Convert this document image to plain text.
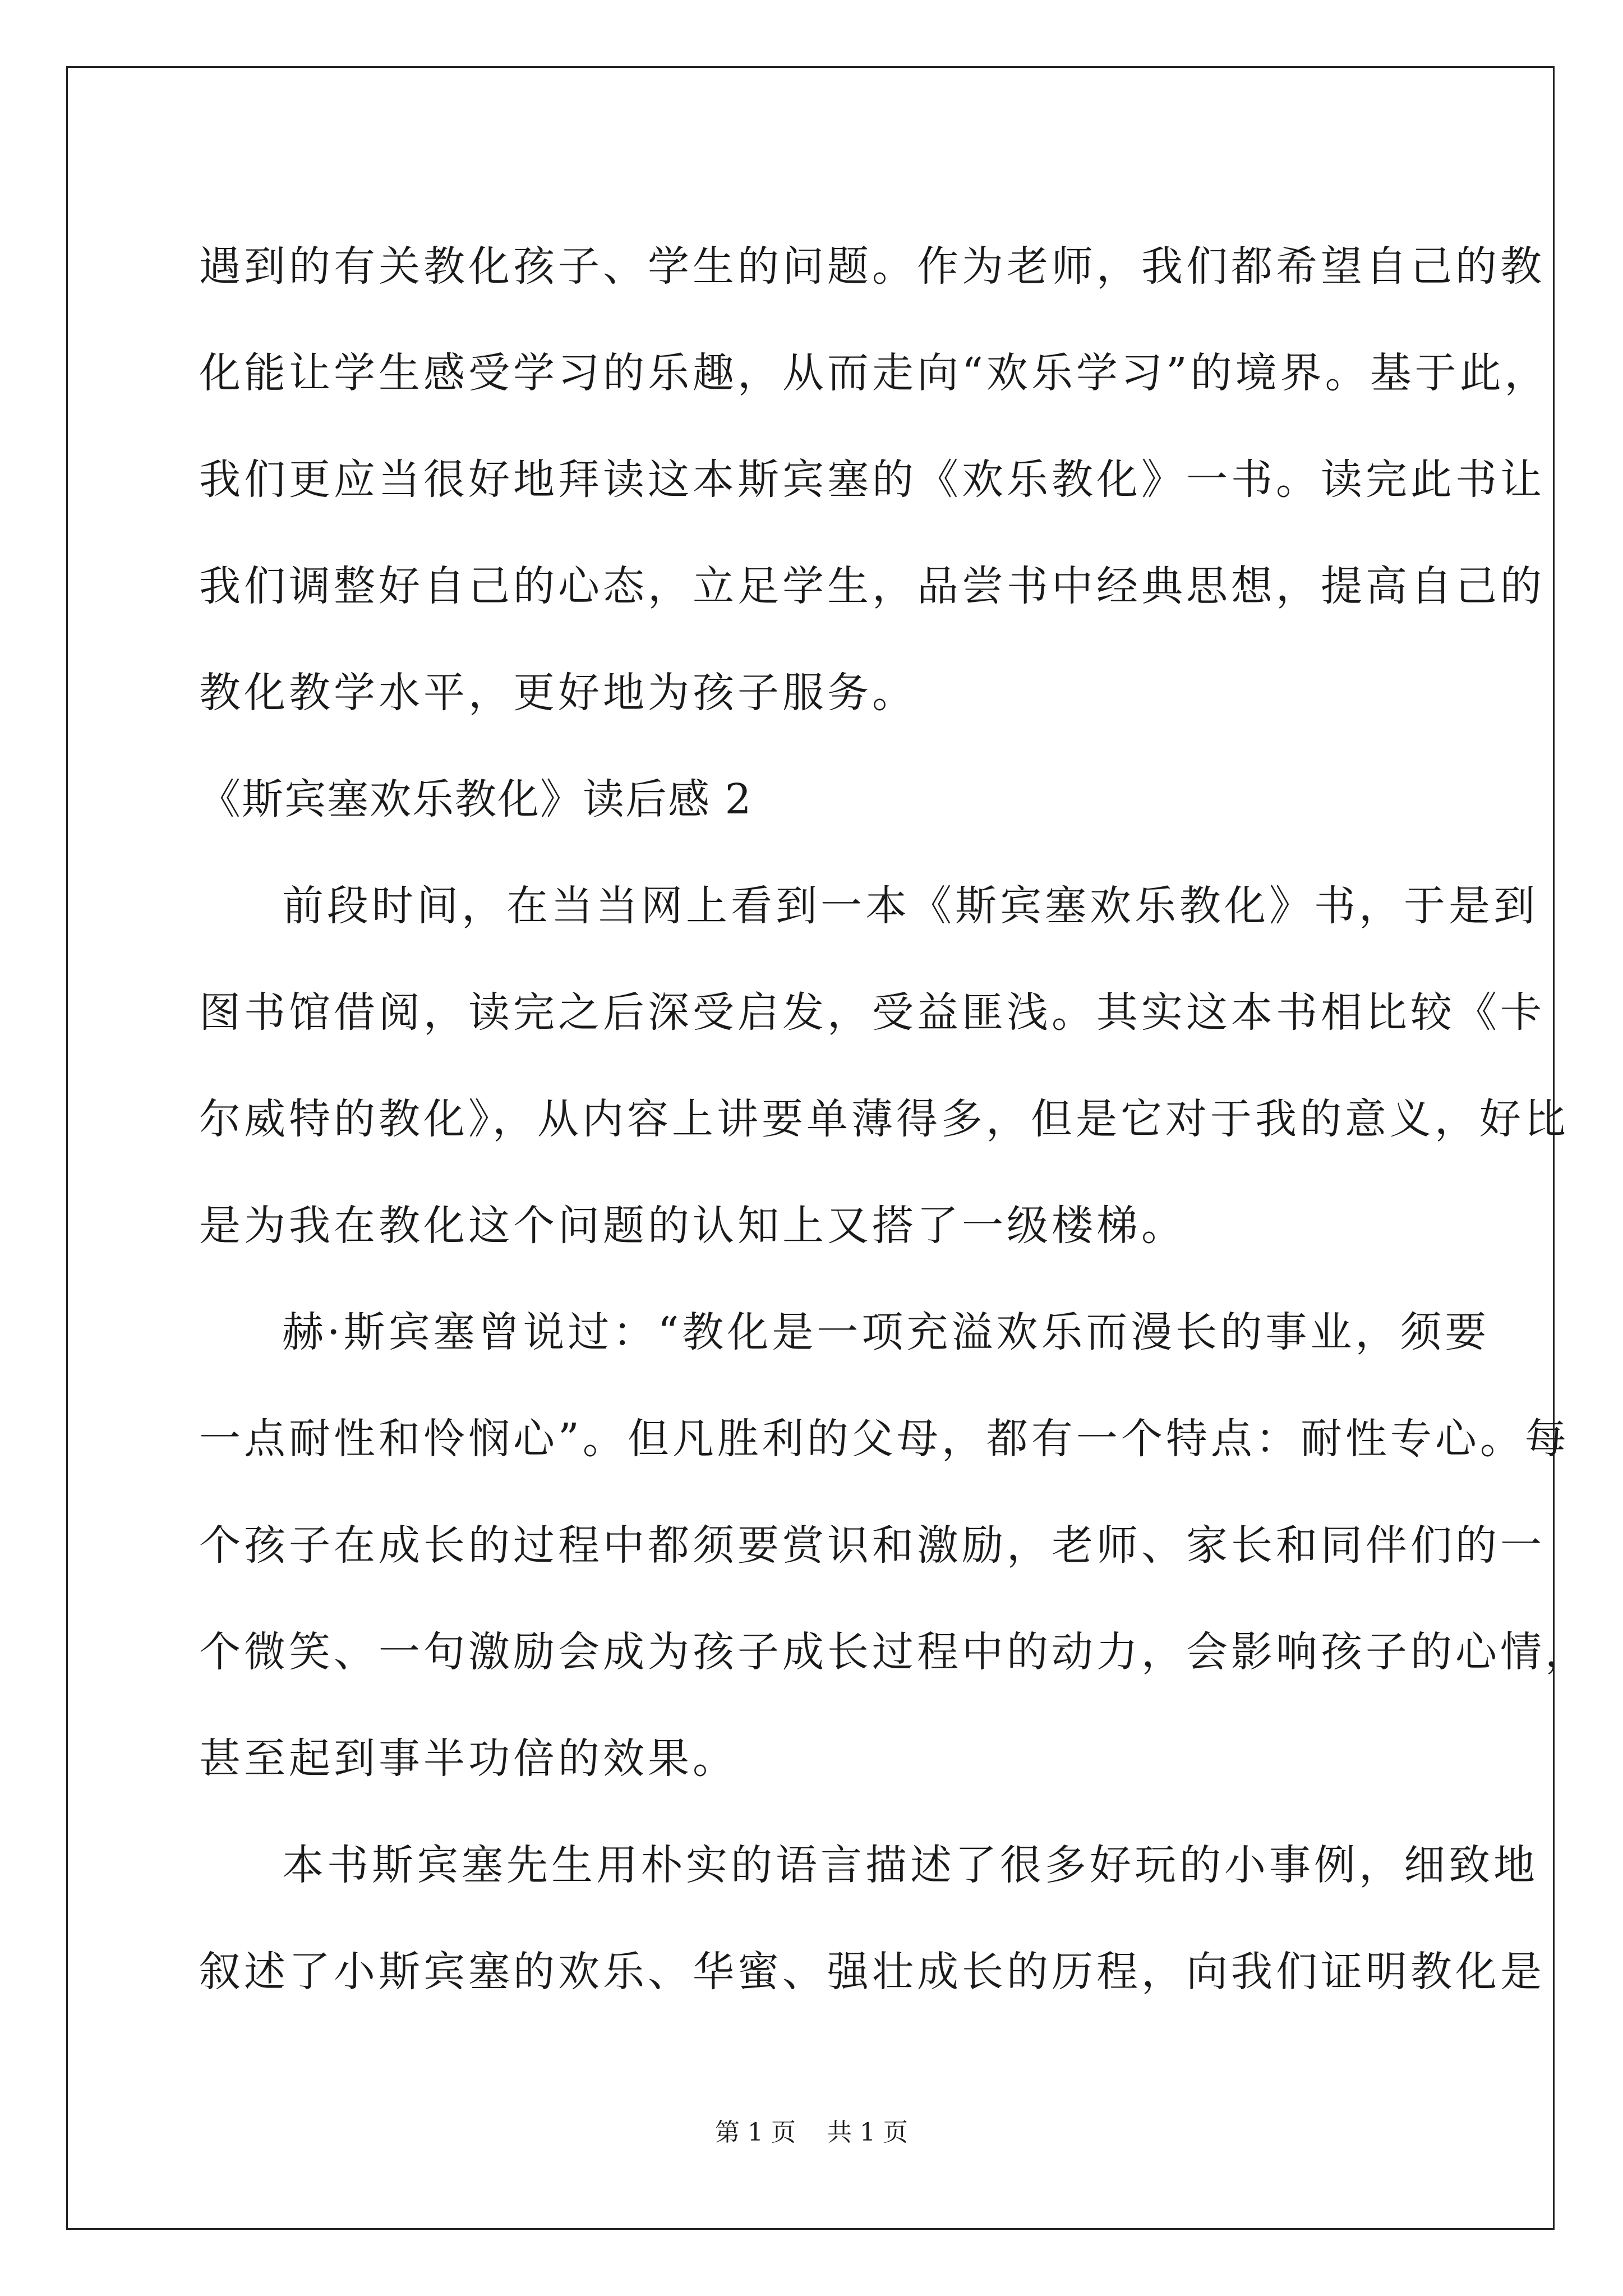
遇到的有关教化孩子、学生的问题。作为老师，我们都希望自己的教
化能让学生感受学习的乐趣，从而走向“欢乐学习”的境界。基于此，
我们更应当很好地拜读这本斯宾塞的《欢乐教化》一书。读完此书让
我们调整好自己的心态，立足学生，品尝书中经典思想，提高自己的
教化教学水平，更好地为孩子服务。
《斯宾塞欢乐教化》读后感 2
前段时间，在当当网上看到一本《斯宾塞欢乐教化》书，于是到
图书馆借阅，读完之后深受启发，受益匪浅。其实这本书相比较《卡
尔威特的教化》，从内容上讲要单薄得多，但是它对于我的意义，好比
是为我在教化这个问题的认知上又搭了一级楼梯。
赫·斯宾塞曾说过：“教化是一项充溢欢乐而漫长的事业，须要
一点耐性和怜悯心”。但凡胜利的父母，都有一个特点：耐性专心。每
个孩子在成长的过程中都须要赏识和激励，老师、家长和同伴们的一
个微笑、一句激励会成为孩子成长过程中的动力，会影响孩子的心情，
甚至起到事半功倍的效果。
本书斯宾塞先生用朴实的语言描述了很多好玩的小事例，细致地
叙述了小斯宾塞的欢乐、华蜜、强壮成长的历程，向我们证明教化是
第 1 页    共 1 页
